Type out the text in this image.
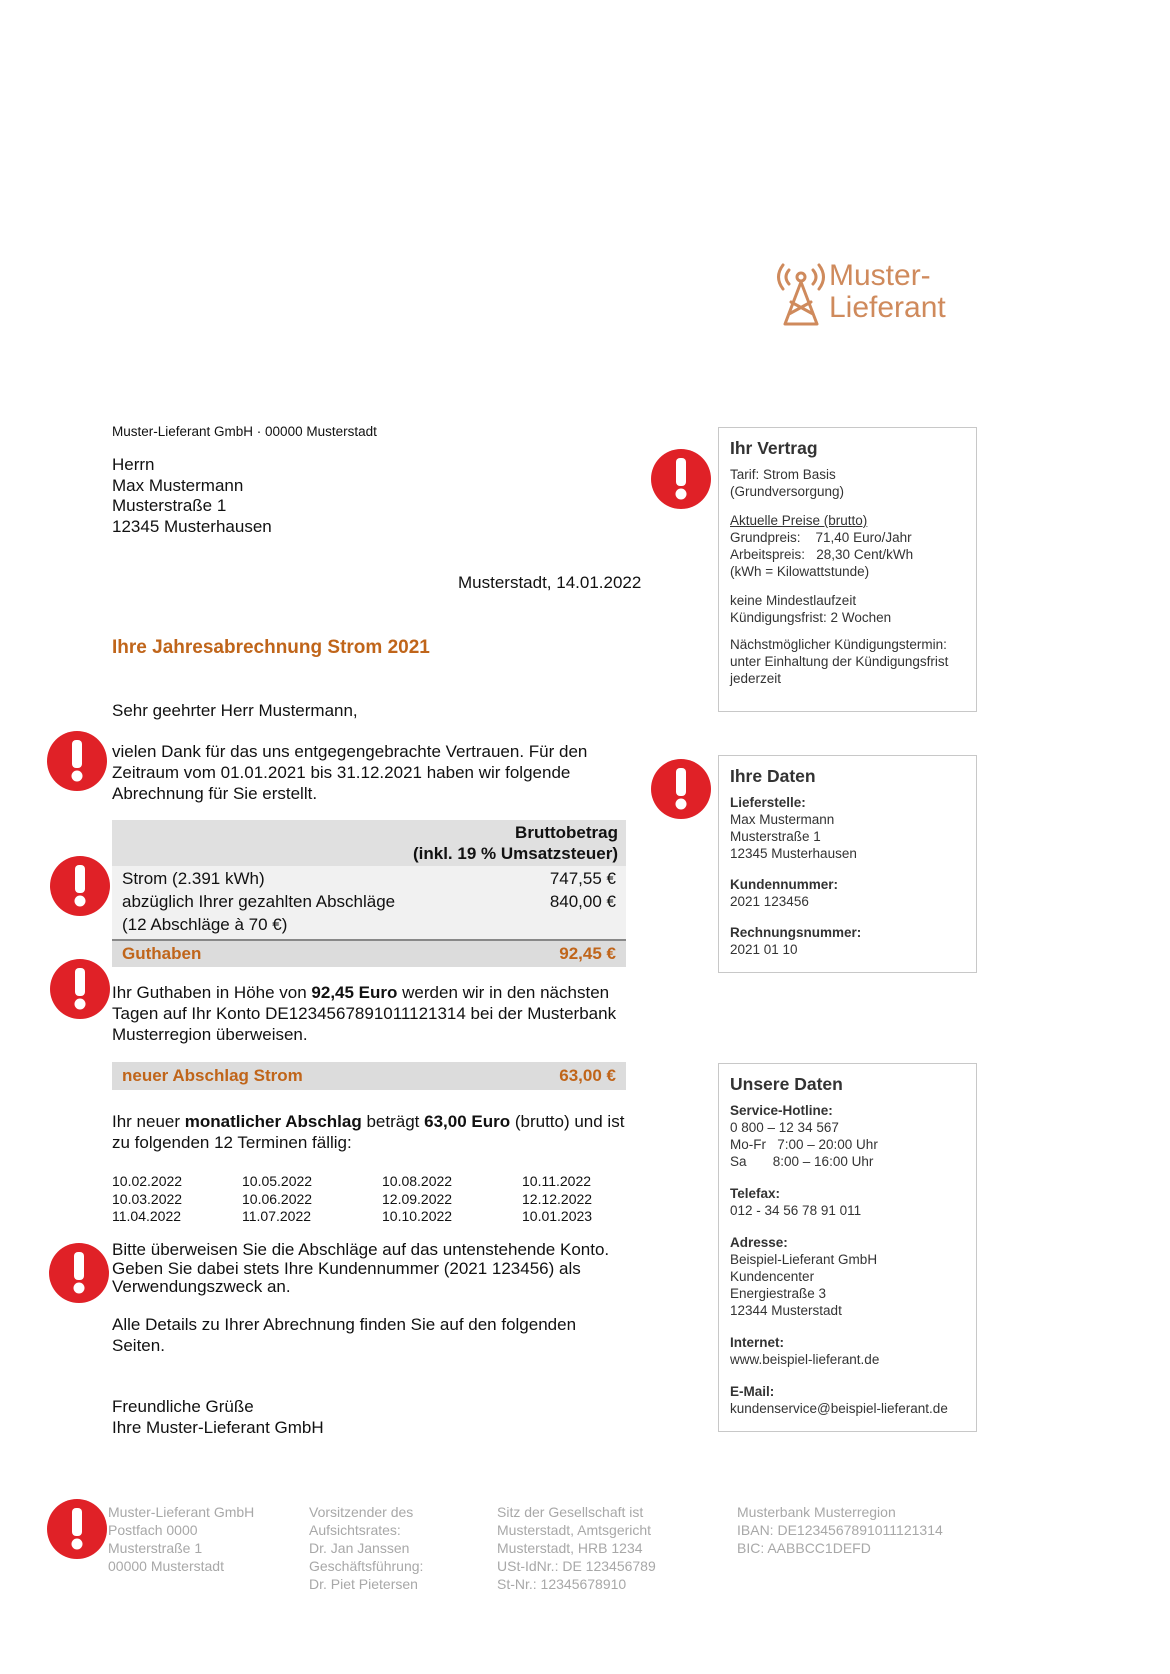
Muster-
Lieferant
Muster-Lieferant GmbH · 00000 Musterstadt
Herrn
Max Mustermann
Musterstraße 1
12345 Musterhausen
Musterstadt, 14.01.2022
Ihre Jahresabrechnung Strom 2021
Sehr geehrter Herr Mustermann,
vielen Dank für das uns entgegengebrachte Vertrauen. Für den
Zeitraum vom 01.01.2021 bis 31.12.2021 haben wir folgende
Abrechnung für Sie erstellt.
Bruttobetrag
(inkl. 19 % Umsatzsteuer)
Strom (2.391 kWh)	747,55 €
abzüglich Ihrer gezahlten Abschläge	840,00 €
(12 Abschläge à 70 €)
Guthaben	92,45 €
Ihr Guthaben in Höhe von 92,45 Euro werden wir in den nächsten
Tagen auf Ihr Konto DE1234567891011121314 bei der Musterbank
Musterregion überweisen.
neuer Abschlag Strom	63,00 €
Ihr neuer monatlicher Abschlag beträgt 63,00 Euro (brutto) und ist
zu folgenden 12 Terminen fällig:
10.02.2022	10.05.2022	10.08.2022	10.11.2022
10.03.2022	10.06.2022	12.09.2022	12.12.2022
11.04.2022	11.07.2022	10.10.2022	10.01.2023
Bitte überweisen Sie die Abschläge auf das untenstehende Konto.
Geben Sie dabei stets Ihre Kundennummer (2021 123456) als
Verwendungszweck an.
Alle Details zu Ihrer Abrechnung finden Sie auf den folgenden
Seiten.
Freundliche Grüße
Ihre Muster-Lieferant GmbH
Ihr Vertrag
Tarif: Strom Basis
(Grundversorgung)
Aktuelle Preise (brutto)
Grundpreis:    71,40 Euro/Jahr
Arbeitspreis:   28,30 Cent/kWh
(kWh = Kilowattstunde)
keine Mindestlaufzeit
Kündigungsfrist: 2 Wochen
Nächstmöglicher Kündigungstermin:
unter Einhaltung der Kündigungsfrist
jederzeit
Ihre Daten
Lieferstelle:
Max Mustermann
Musterstraße 1
12345 Musterhausen
Kundennummer:
2021 123456
Rechnungsnummer:
2021 01 10
Unsere Daten
Service-Hotline:
0 800 – 12 34 567
Mo-Fr   7:00 – 20:00 Uhr
Sa       8:00 – 16:00 Uhr
Telefax:
012 - 34 56 78 91 011
Adresse:
Beispiel-Lieferant GmbH
Kundencenter
Energiestraße 3
12344 Musterstadt
Internet:
www.beispiel-lieferant.de
E-Mail:
kundenservice@beispiel-lieferant.de
Muster-Lieferant GmbH
Postfach 0000
Musterstraße 1
00000 Musterstadt
Vorsitzender des
Aufsichtsrates:
Dr. Jan Janssen
Geschäftsführung:
Dr. Piet Pietersen
Sitz der Gesellschaft ist
Musterstadt, Amtsgericht
Musterstadt, HRB 1234
USt-IdNr.: DE 123456789
St-Nr.: 12345678910
Musterbank Musterregion
IBAN: DE1234567891011121314
BIC: AABBCC1DEFD
